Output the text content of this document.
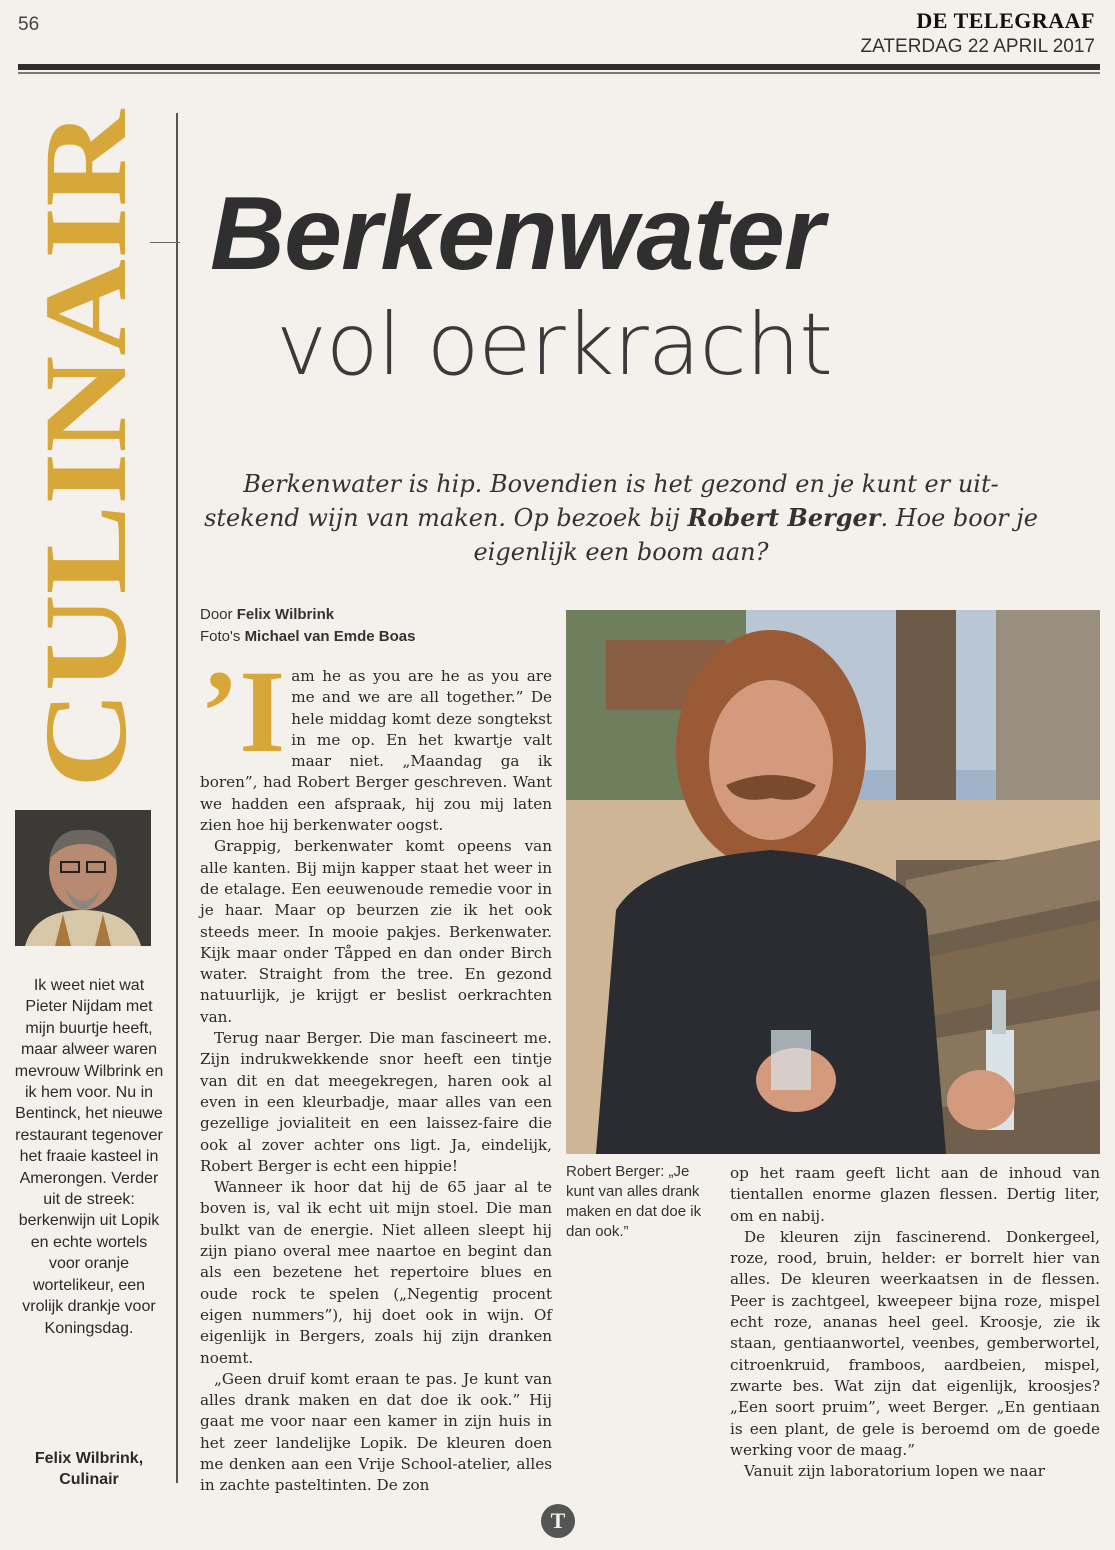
56	DE TELEGRAAF
ZATERDAG 22 APRIL 2017
CULINAIR Berkenwater
vol oerkracht
Berkenwater is hip. Bovendien is het gezond en je kunt er uit-stekend wijn van maken. Op bezoek bij Robert Berger. Hoe boor je eigenlijk een boom aan?
Door Felix Wilbrink
Foto's Michael van Emde Boas
Robert Berger: „Je kunt van alles drank maken en dat doe ik dan ook.”

’I am he as you are he as you are me and we are all together.” De hele middag komt deze songtekst in me op. En het kwartje valt maar niet. „Maandag ga ik boren”, had Robert Berger geschreven. Want we hadden een afspraak, hij zou mij laten zien hoe hij berkenwater oogst.

Grappig, berkenwater komt opeens van alle kanten. Bij mijn kapper staat het weer in de etalage. Een eeuwenoude remedie voor in je haar. Maar op beurzen zie ik het ook steeds meer. In mooie pakjes. Berkenwater. Kijk maar onder Tåpped en dan onder Birch water. Straight from the tree. En gezond natuurlijk, je krijgt er beslist oerkrachten van.

Terug naar Berger. Die man fascineert me. Zijn indrukwekkende snor heeft een tintje van dit en dat meegekregen, haren ook al even in een kleurbadje, maar alles van een gezellige jovialiteit en een laissez-faire die ook al zover achter ons ligt. Ja, eindelijk, Robert Berger is echt een hippie!

Wanneer ik hoor dat hij de 65 jaar al te boven is, val ik echt uit mijn stoel. Die man bulkt van de energie. Niet alleen sleept hij zijn piano overal mee naartoe en begint dan als een bezetene het repertoire blues en oude rock te spelen („Negentig procent eigen nummers”), hij doet ook in wijn. Of eigenlijk in Bergers, zoals hij zijn dranken noemt.

„Geen druif komt eraan te pas. Je kunt van alles drank maken en dat doe ik ook.” Hij gaat me voor naar een kamer in zijn huis in het zeer landelijke Lopik. De kleuren doen me denken aan een Vrije School-atelier, alles in zachte pasteltinten. De zon

op het raam geeft licht aan de inhoud van tientallen enorme glazen flessen. Dertig liter, om en nabij.

De kleuren zijn fascinerend. Donkergeel, roze, rood, bruin, helder: er borrelt hier van alles. De kleuren weerkaatsen in de flessen. Peer is zachtgeel, kweepeer bijna roze, mispel echt roze, ananas heel geel. Kroosje, zie ik staan, gentiaanwortel, veenbes, gemberwortel, citroenkruid, framboos, aardbeien, mispel, zwarte bes. Wat zijn dat eigenlijk, kroosjes? „Een soort pruim”, weet Berger. „En gentiaan is een plant, de gele is beroemd om de goede werking voor de maag.”

Vanuit zijn laboratorium lopen we naar

Ik weet niet wat Pieter Nijdam met mijn buurtje heeft, maar alweer waren mevrouw Wilbrink en ik hem voor. Nu in Bentinck, het nieuwe restaurant tegenover het fraaie kasteel in Amerongen. Verder uit de streek: berkenwijn uit Lopik en echte wortels voor oranje wortelikeur, een vrolijk drankje voor Koningsdag.
Felix Wilbrink,
Culinair
T
